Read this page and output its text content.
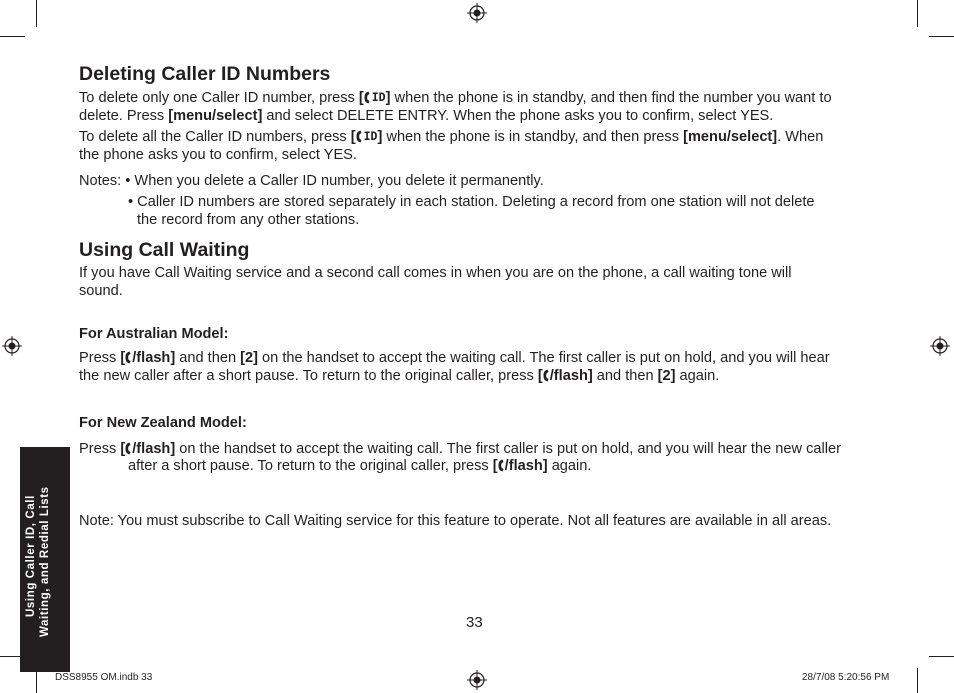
Deleting Caller ID Numbers

To delete only one Caller ID number, press [ ID ] when the phone is in standby, and then find the number you want to
delete. Press [menu/select] and select DELETE ENTRY. When the phone asks you to confirm, select YES.

To delete all the Caller ID numbers, press [ ID ] when the phone is in standby, and then press [menu/select]. When
the phone asks you to confirm, select YES.

Notes: • When you delete a Caller ID number, you delete it permanently.

• Caller ID numbers are stored separately in each station. Deleting a record from one station will not delete

the record from any other stations.

Using Call Waiting

If you have Call Waiting service and a second call comes in when you are on the phone, a call waiting tone will
sound.

For Australian Model:

Press [ /flash] and then [2] on the handset to accept the waiting call. The first caller is put on hold, and you will hear
the new caller after a short pause. To return to the original caller, press [ /flash] and then [2] again.

For New Zealand Model:

Press [ /flash] on the handset to accept the waiting call. The first caller is put on hold, and you will hear the new caller
after a short pause. To return to the original caller, press [ /flash] again.

Note: You must subscribe to Call Waiting service for this feature to operate. Not all features are available in all areas.

Using Caller ID, Call Waiting, and Redial Lists	33
DSS8955 OM.indb 33	28/7/08 5:20:56 PM
